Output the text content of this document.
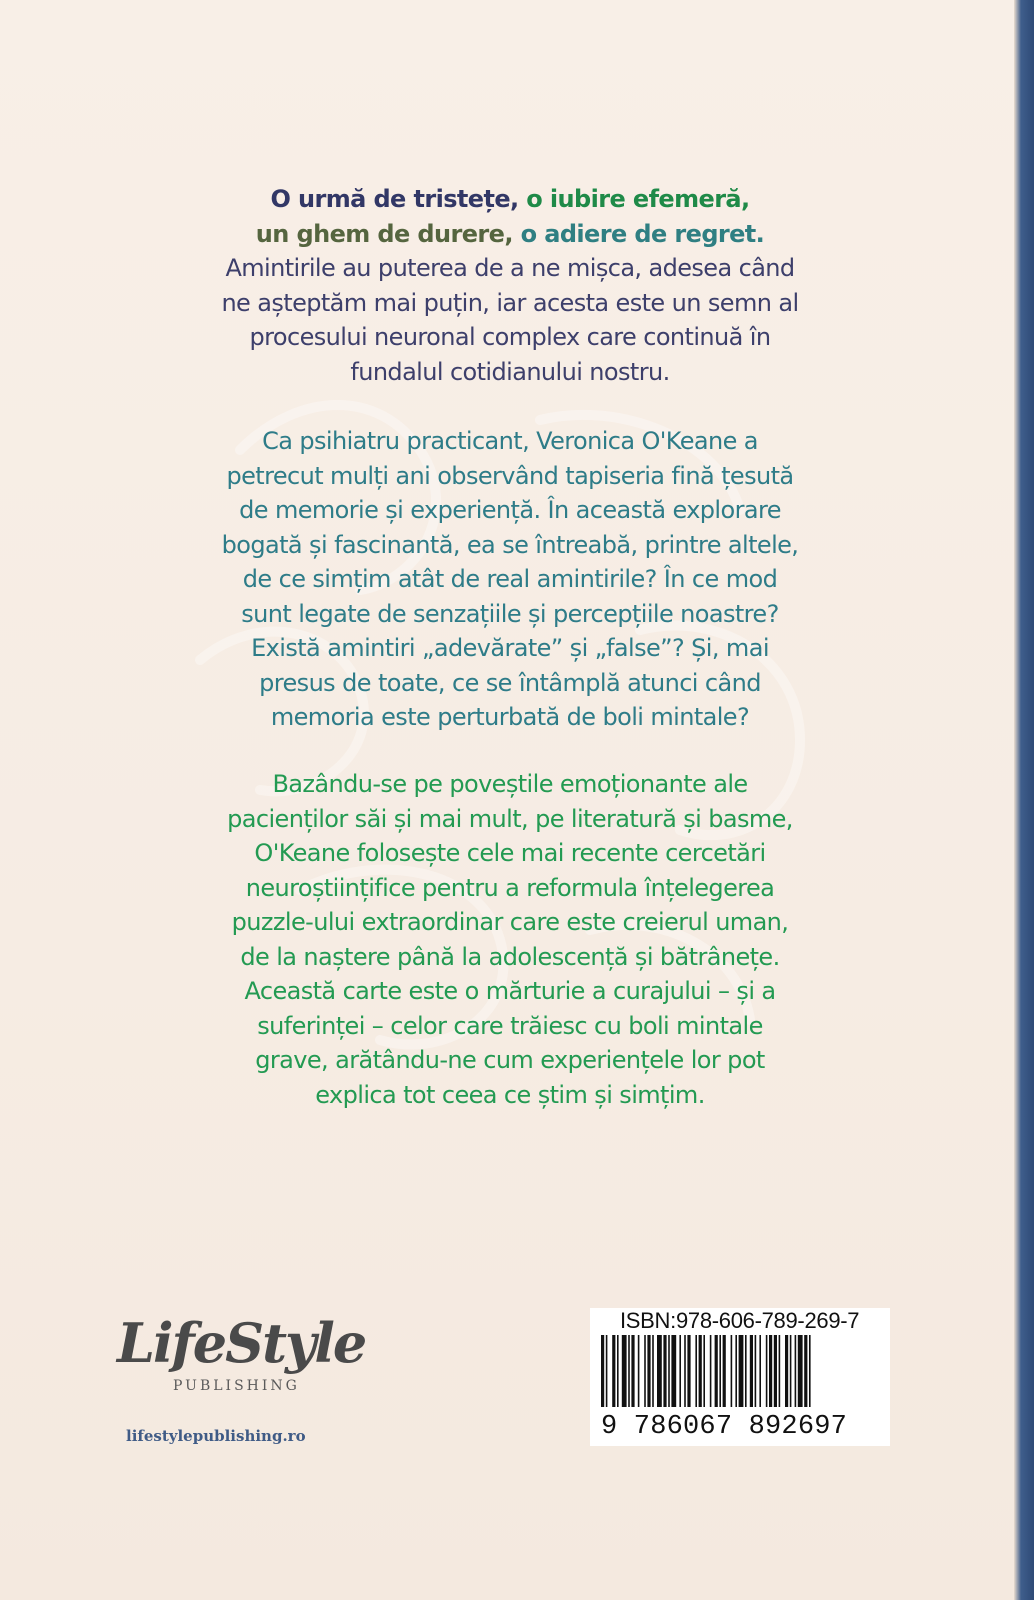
O urmă de tristețe, o iubire efemeră,
un ghem de durere, o adiere de regret.
Amintirile au puterea de a ne mișca, adesea când
ne așteptăm mai puțin, iar acesta este un semn al
procesului neuronal complex care continuă în
fundalul cotidianului nostru.
Ca psihiatru practicant, Veronica O'Keane a
petrecut mulți ani observând tapiseria fină țesută
de memorie și experiență. În această explorare
bogată și fascinantă, ea se întreabă, printre altele,
de ce simțim atât de real amintirile? În ce mod
sunt legate de senzațiile și percepțiile noastre?
Există amintiri „adevărate” și „false”? Și, mai
presus de toate, ce se întâmplă atunci când
memoria este perturbată de boli mintale?
Bazându-se pe poveștile emoționante ale
pacienților săi și mai mult, pe literatură și basme,
O'Keane folosește cele mai recente cercetări
neuroștiințifice pentru a reformula înțelegerea
puzzle-ului extraordinar care este creierul uman,
de la naștere până la adolescență și bătrânețe.
Această carte este o mărturie a curajului – și a
suferinței – celor care trăiesc cu boli mintale
grave, arătându-ne cum experiențele lor pot
explica tot ceea ce știm și simțim.
LifeStyle
PUBLISHING
lifestylepublishing.ro
ISBN:978-606-789-269-7
9 786067 892697
